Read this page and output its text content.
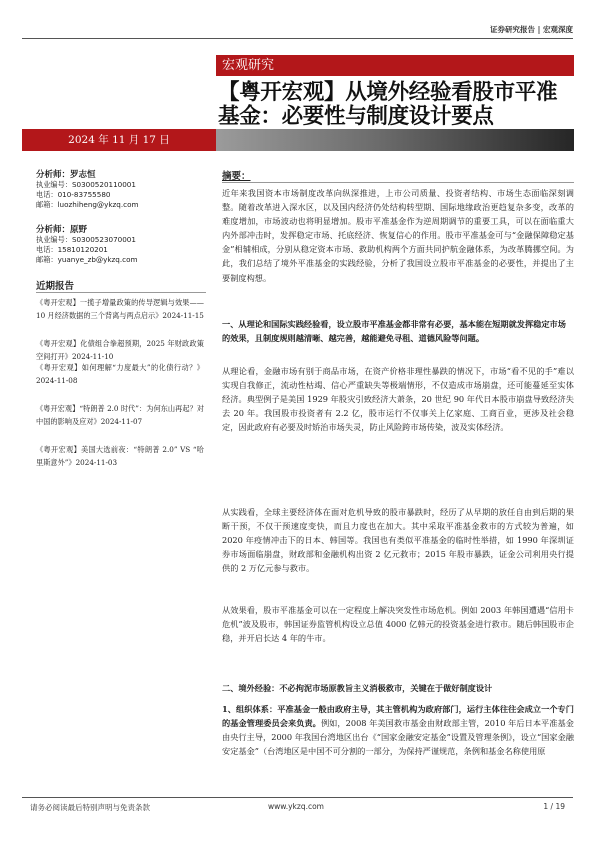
证券研究报告 | 宏观深度
宏观研究
【粤开宏观】从境外经验看股市平准基金：必要性与制度设计要点
2024 年 11 月 17 日
分析师：罗志恒
执业编号：S0300520110001
电话：010-83755580
邮箱：luozhiheng@ykzq.com
分析师：原野
执业编号：S0300523070001
电话：15810120201
邮箱：yuanye_zb@ykzq.com
近期报告
《粤开宏观】一揽子增量政策的传导逻辑与效果——10 月经济数据的三个背离与两点启示》2024-11-15
《粤开宏观】化债组合拳超预期，2025 年财政政策空间打开》2024-11-10
《粤开宏观】如何理解“力度最大”的化债行动？》2024-11-08
《粤开宏观】“特朗普 2.0 时代”：为何东山再起？对中国的影响及应对》2024-11-07
《粤开宏观】美国大选前夜：“特朗普 2.0” VS “哈里斯意外”》2024-11-03
摘要：
近年来我国资本市场制度改革向纵深推进，上市公司质量、投资者结构、市场生态面临深刻调整。随着改革进入深水区，以及国内经济仍处结构转型期、国际地缘政治更趋复杂多变，改革的难度增加，市场波动也将明显增加。股市平准基金作为逆周期调节的重要工具，可以在面临重大内外部冲击时，发挥稳定市场、托底经济、恢复信心的作用。股市平准基金可与“金融保障稳定基金”相辅相成，分别从稳定资本市场、救助机构两个方面共同护航金融体系，为改革腾挪空间。为此，我们总结了境外平准基金的实践经验，分析了我国设立股市平准基金的必要性，并提出了主要制度构想。
一、从理论和国际实践经验看，设立股市平准基金都非常有必要，基本能在短期就发挥稳定市场的效果，且制度规则越清晰、越完善，越能避免寻租、道德风险等问题。
从理论看，金融市场有别于商品市场，在资产价格非理性暴跌的情况下，市场“看不见的手”难以实现自我修正，流动性枯竭、信心严重缺失等极端情形，不仅造成市场崩盘，还可能蔓延至实体经济。典型例子是美国 1929 年股灾引致经济大萧条，20 世纪 90 年代日本股市崩盘导致经济失去 20 年。我国股市投资者有 2.2 亿，股市运行不仅事关上亿家庭、工商百业，更涉及社会稳定，因此政府有必要及时矫治市场失灵，防止风险跨市场传染，波及实体经济。
从实践看，全球主要经济体在面对危机导致的股市暴跌时，经历了从早期的放任自由到后期的果断干预，不仅干预速度变快，而且力度也在加大。其中采取平准基金救市的方式较为普遍，如 2020 年疫情冲击下的日本、韩国等。我国也有类似平准基金的临时性举措，如 1990 年深圳证券市场面临崩盘，财政部和金融机构出资 2 亿元救市；2015 年股市暴跌，证金公司利用央行提供的 2 万亿元参与救市。
从效果看，股市平准基金可以在一定程度上解决突发性市场危机。例如 2003 年韩国遭遇“信用卡危机”波及股市，韩国证券监管机构设立总值 4000 亿韩元的投资基金进行救市。随后韩国股市企稳，并开启长达 4 年的牛市。
二、境外经验：不必拘泥市场原教旨主义消极救市，关键在于做好制度设计
1、组织体系：平准基金一般由政府主导，其主管机构为政府部门，运行主体往往会成立一个专门的基金管理委员会来负责。例如，2008 年美国救市基金由财政部主管，2010 年后日本平准基金由央行主导，2000 年我国台湾地区出台《“国家金融安定基金”设置及管理条例》，设立“国家金融安定基金”（台湾地区是中国不可分割的一部分，为保持严谨规范，条例和基金名称使用原
请务必阅读最后特别声明与免责条款	www.ykzq.com	1 / 19
